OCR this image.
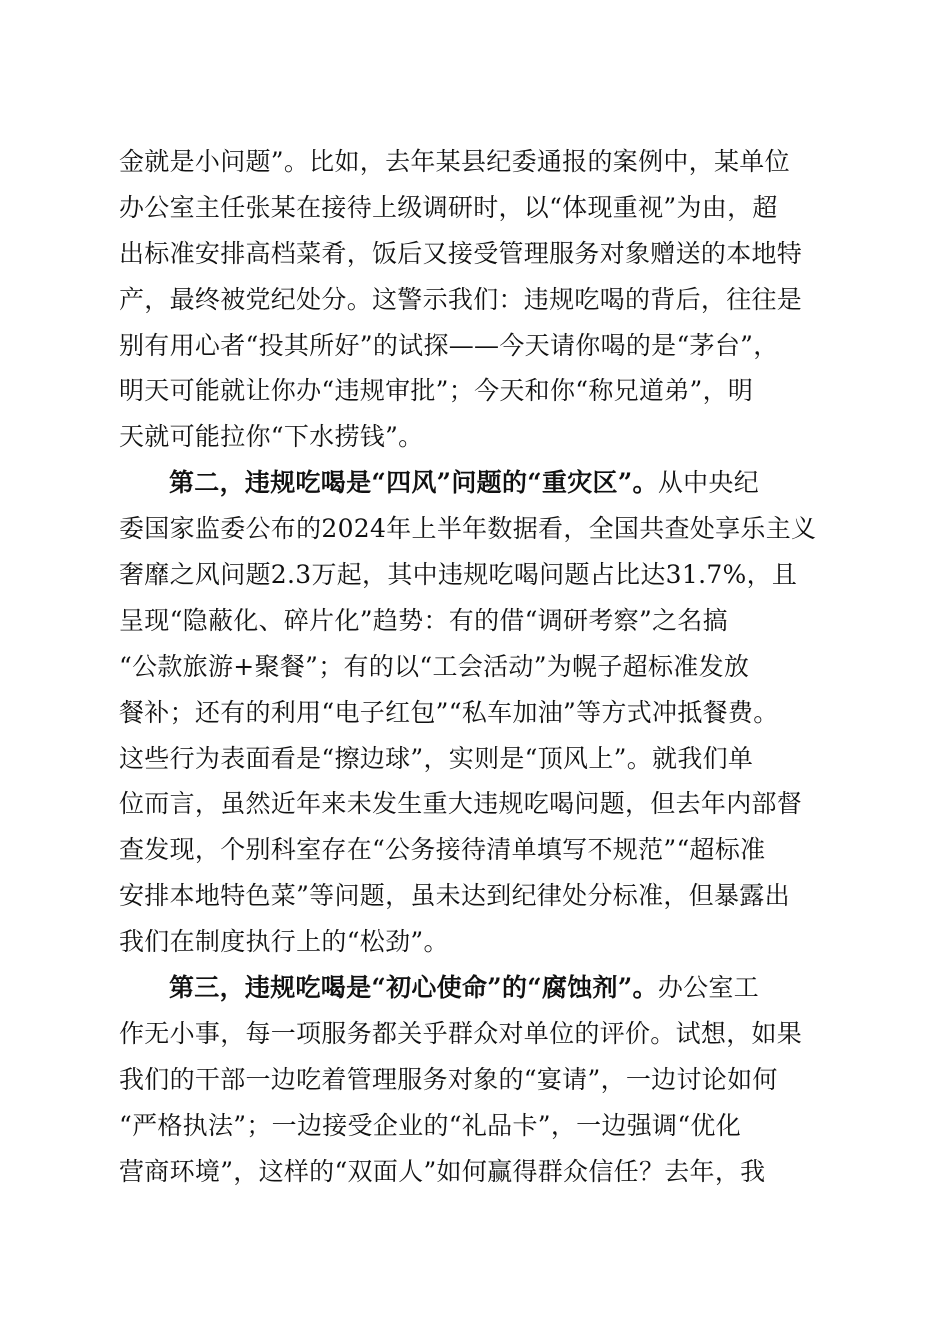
金就是小问题”。比如，去年某县纪委通报的案例中，某单位
办公室主任张某在接待上级调研时，以“体现重视”为由，超
出标准安排高档菜肴，饭后又接受管理服务对象赠送的本地特
产，最终被党纪处分。这警示我们：违规吃喝的背后，往往是
别有用心者“投其所好”的试探——今天请你喝的是“茅台”，
明天可能就让你办“违规审批”；今天和你“称兄道弟”，明
天就可能拉你“下水捞钱”。
第二，违规吃喝是“四风”问题的“重灾区”。从中央纪
委国家监委公布的2024年上半年数据看，全国共查处享乐主义
奢靡之风问题2.3万起，其中违规吃喝问题占比达31.7%，且
呈现“隐蔽化、碎片化”趋势：有的借“调研考察”之名搞
“公款旅游+聚餐”；有的以“工会活动”为幌子超标准发放
餐补；还有的利用“电子红包”“私车加油”等方式冲抵餐费。
这些行为表面看是“擦边球”，实则是“顶风上”。就我们单
位而言，虽然近年来未发生重大违规吃喝问题，但去年内部督
查发现，个别科室存在“公务接待清单填写不规范”“超标准
安排本地特色菜”等问题，虽未达到纪律处分标准，但暴露出
我们在制度执行上的“松劲”。
第三，违规吃喝是“初心使命”的“腐蚀剂”。办公室工
作无小事，每一项服务都关乎群众对单位的评价。试想，如果
我们的干部一边吃着管理服务对象的“宴请”，一边讨论如何
“严格执法”；一边接受企业的“礼品卡”，一边强调“优化
营商环境”，这样的“双面人”如何赢得群众信任？去年，我
